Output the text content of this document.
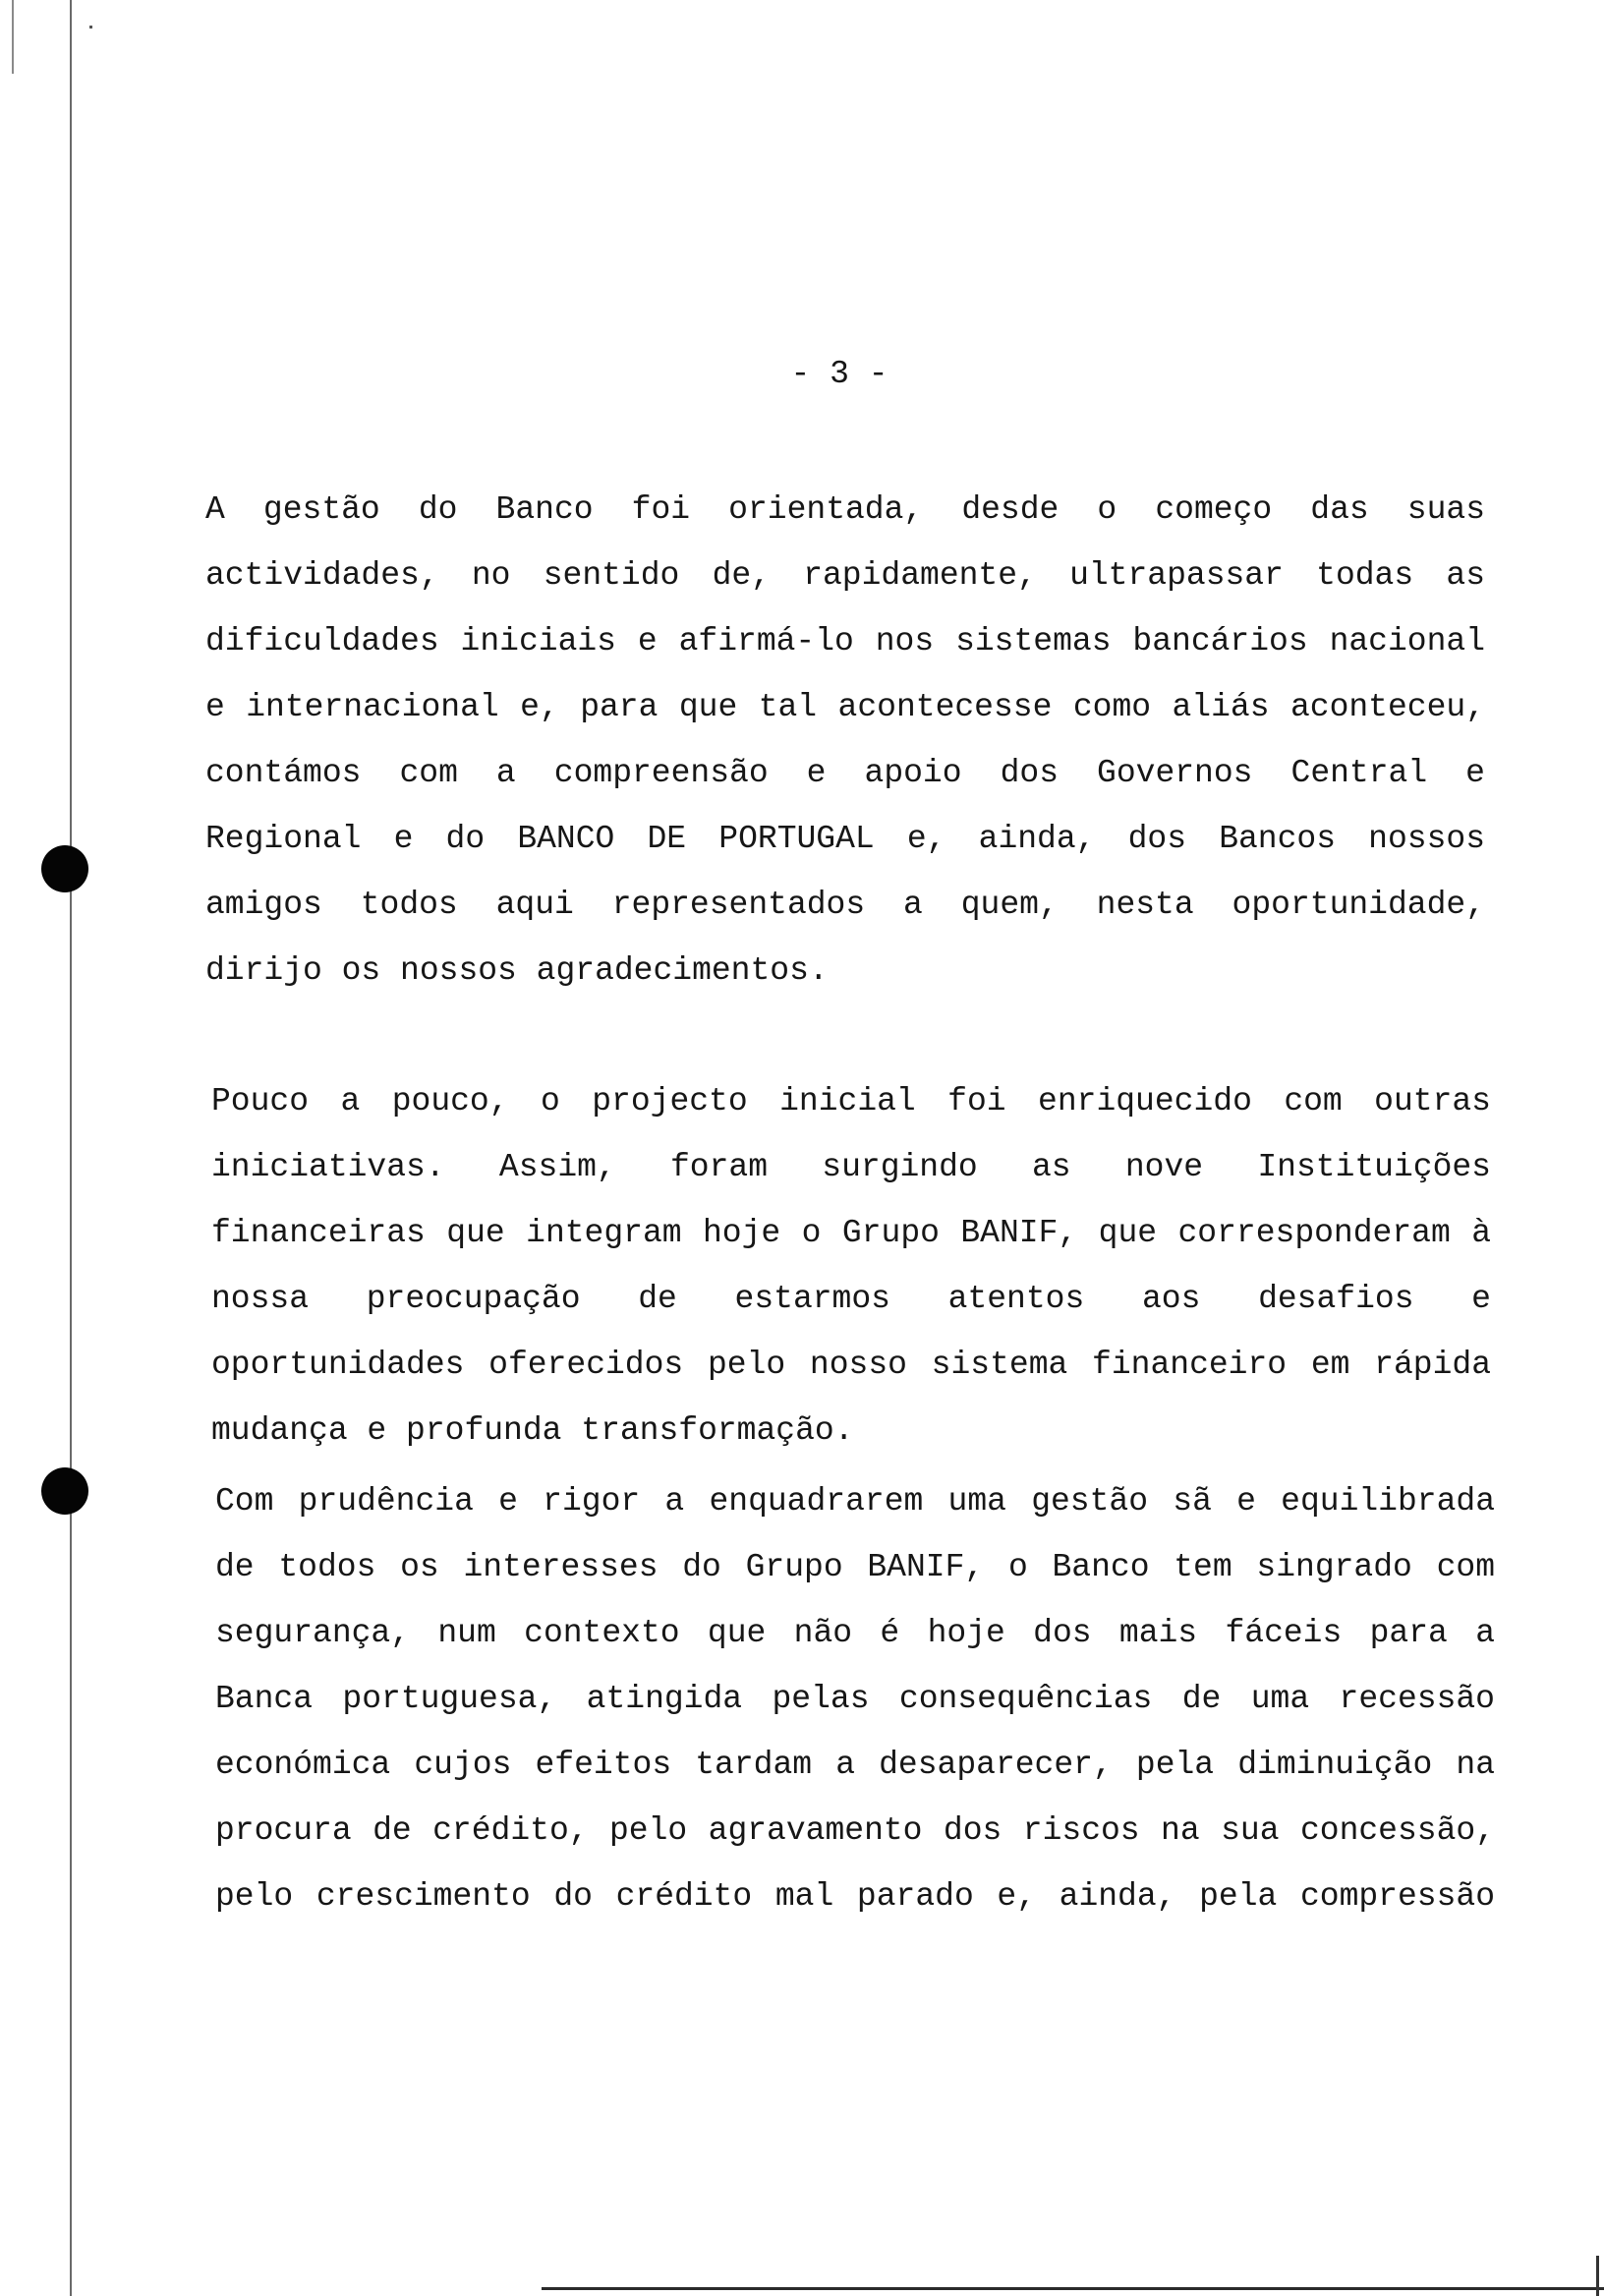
- 3 -
A gestão do Banco foi orientada, desde o começo das suas
actividades, no sentido de, rapidamente, ultrapassar todas as
dificuldades iniciais e afirmá-lo nos sistemas bancários nacional
e internacional e, para que tal acontecesse como aliás aconteceu,
contámos com a compreensão e apoio dos Governos Central e
Regional e do BANCO DE PORTUGAL e, ainda, dos Bancos nossos
amigos todos aqui representados a quem, nesta oportunidade,
dirijo os nossos agradecimentos.
Pouco a pouco, o projecto inicial foi enriquecido com outras
iniciativas. Assim, foram surgindo as nove Instituições
financeiras que integram hoje o Grupo BANIF, que corresponderam à
nossa preocupação de estarmos atentos aos desafios e
oportunidades oferecidos pelo nosso sistema financeiro em rápida
mudança e profunda transformação.
Com prudência e rigor a enquadrarem uma gestão sã e equilibrada
de todos os interesses do Grupo BANIF, o Banco tem singrado com
segurança, num contexto que não é hoje dos mais fáceis para a
Banca portuguesa, atingida pelas consequências de uma recessão
económica cujos efeitos tardam a desaparecer, pela diminuição na
procura de crédito, pelo agravamento dos riscos na sua concessão,
pelo crescimento do crédito mal parado e, ainda, pela compressão
